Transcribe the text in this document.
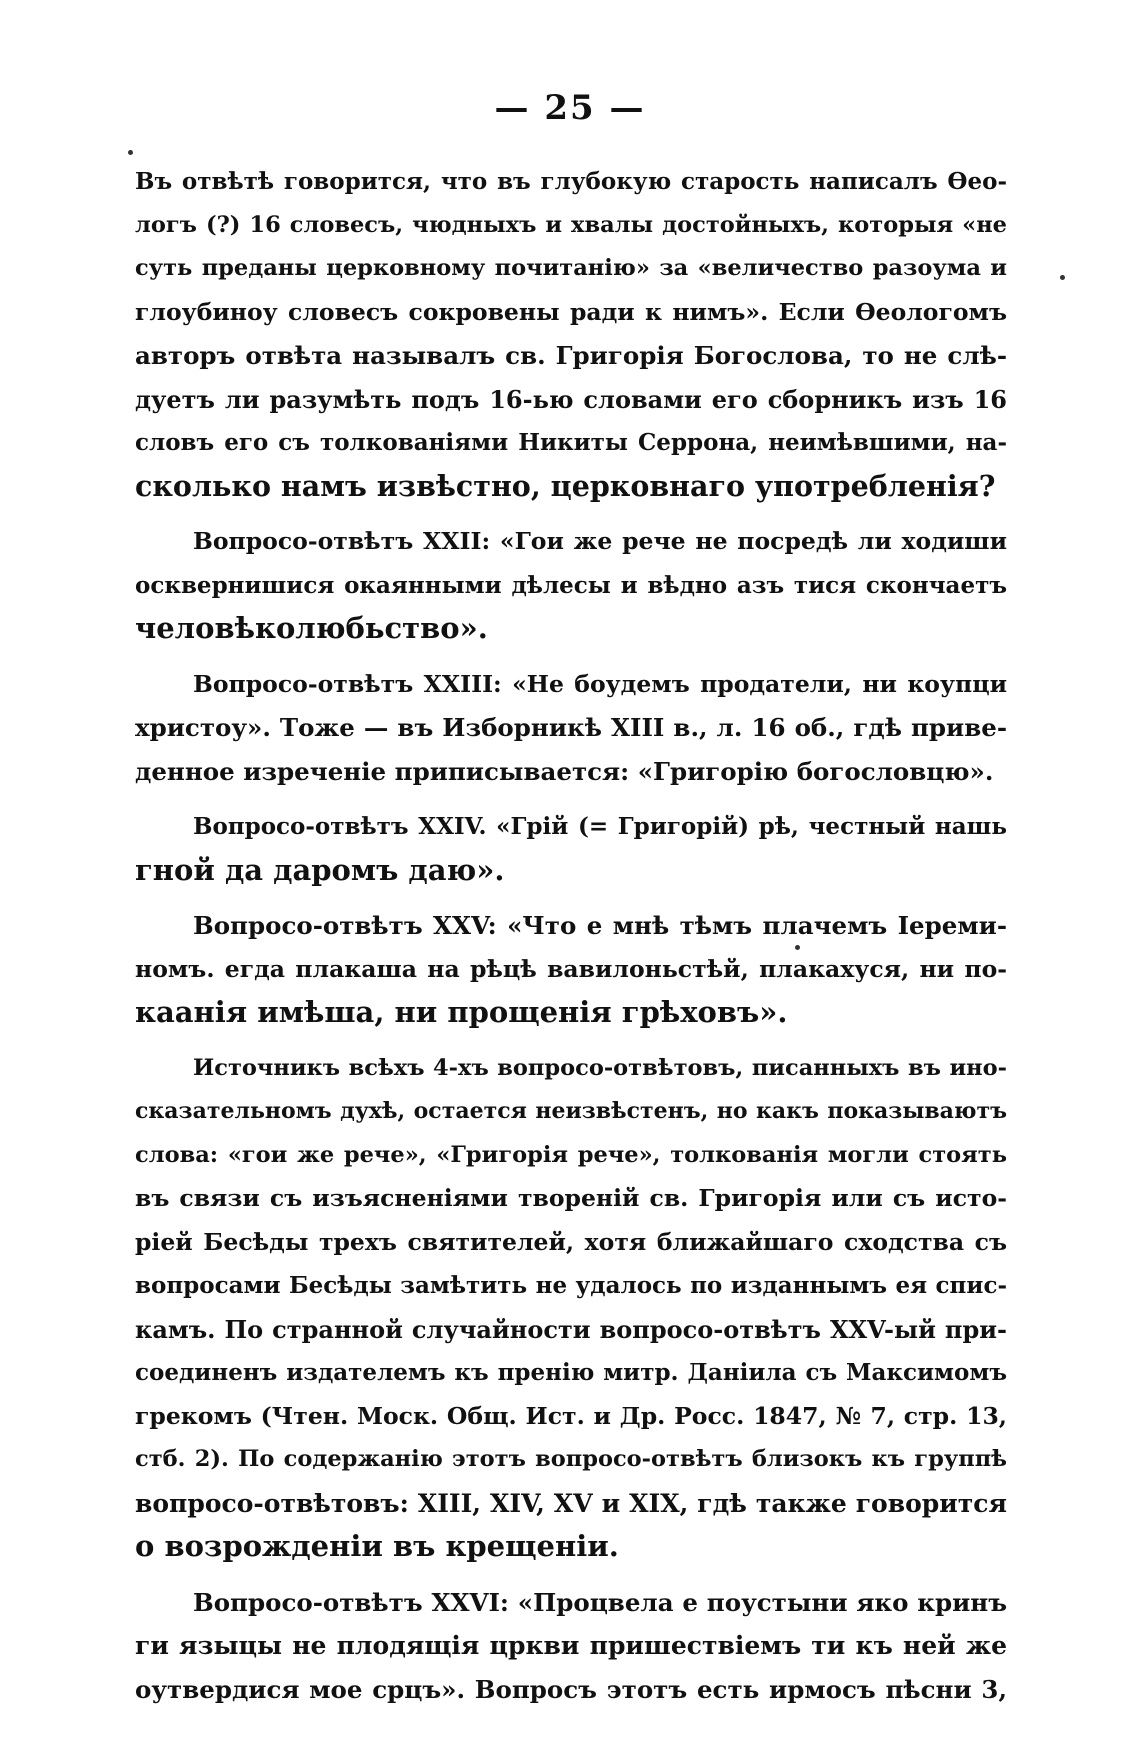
— 25 —
Въ отвѣтѣ говорится, что въ глубокую старость написалъ Ѳео-
логъ (?) 16 словесъ, чюдныхъ и хвалы достойныхъ, которыя «не
суть преданы церковному почитанію» за «величество разоума и
глоубиноу словесъ сокровены ради к нимъ». Если Ѳеологомъ
авторъ отвѣта называлъ св. Григорія Богослова, то не слѣ-
дуетъ ли разумѣть подъ 16-ью словами его сборникъ изъ 16
словъ его съ толкованіями Никиты Серрона, неимѣвшими, на-
сколько намъ извѣстно, церковнаго употребленія?
Вопросо-отвѣтъ XXII: «Гои же рече не посредѣ ли ходиши
осквернишися окаянными дѣлесы и вѣдно азъ тися скончаетъ
человѣколюбьство».
Вопросо-отвѣтъ XXIII: «Не боудемъ продатели, ни коупци
христоу». Тоже — въ Изборникѣ XIII в., л. 16 об., гдѣ приве-
денное изреченіе приписывается: «Григорію богословцю».
Вопросо-отвѣтъ XXIV. «Грій (= Григорій) рѣ, честный нашь
гной да даромъ даю».
Вопросо-отвѣтъ XXV: «Что е мнѣ тѣмъ плачемъ Іереми-
номъ. егда плакаша на рѣцѣ вавилоньстѣй, плакахуся, ни по-
каанія имѣша, ни прощенія грѣховъ».
Источникъ всѣхъ 4-хъ вопросо-отвѣтовъ, писанныхъ въ ино-
сказательномъ духѣ, остается неизвѣстенъ, но какъ показываютъ
слова: «гои же рече», «Григорія рече», толкованія могли стоять
въ связи съ изъясненіями твореній св. Григорія или съ исто-
ріей Бесѣды трехъ святителей, хотя ближайшаго сходства съ
вопросами Бесѣды замѣтить не удалось по изданнымъ ея спис-
камъ. По странной случайности вопросо-отвѣтъ XXV-ый при-
соединенъ издателемъ къ пренію митр. Даніила съ Максимомъ
грекомъ (Чтен. Моск. Общ. Ист. и Др. Росс. 1847, № 7, стр. 13,
стб. 2). По содержанію этотъ вопросо-отвѣтъ близокъ къ группѣ
вопросо-отвѣтовъ: XIII, XIV, XV и XIX, гдѣ также говорится
о возрожденіи въ крещеніи.
Вопросо-отвѣтъ XXVI: «Процвела е поустыни яко кринъ
ги языцы не плодящія цркви пришествіемъ ти къ ней же
оутвердися мое срцъ». Вопросъ этотъ есть ирмосъ пѣсни 3,
